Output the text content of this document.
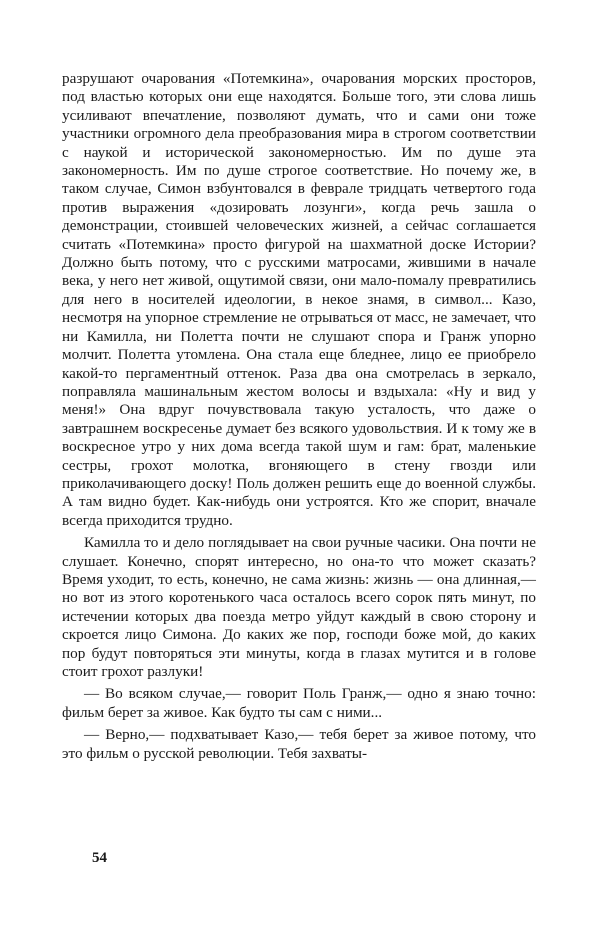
разрушают очарования «Потемкина», очарования морских просторов, под властью которых они еще находятся. Больше того, эти слова лишь усиливают впечатление, позволяют думать, что и сами они тоже участники огромного дела преобразования мира в строгом соответствии с наукой и исторической закономерностью. Им по душе эта закономерность. Им по душе строгое соответствие. Но почему же, в таком случае, Симон взбунтовался в феврале тридцать четвертого года против выражения «дозировать лозунги», когда речь зашла о демонстрации, стоившей человеческих жизней, а сейчас соглашается считать «Потемкина» просто фигурой на шахматной доске Истории? Должно быть потому, что с русскими матросами, жившими в начале века, у него нет живой, ощутимой связи, они мало-помалу превратились для него в носителей идеологии, в некое знамя, в символ... Казо, несмотря на упорное стремление не отрываться от масс, не замечает, что ни Камилла, ни Полетта почти не слушают спора и Гранж упорно молчит. Полетта утомлена. Она стала еще бледнее, лицо ее приобрело какой-то пергаментный оттенок. Раза два она смотрелась в зеркало, поправляла машинальным жестом волосы и вздыхала: «Ну и вид у меня!» Она вдруг почувствовала такую усталость, что даже о завтрашнем воскресенье думает без всякого удовольствия. И к тому же в воскресное утро у них дома всегда такой шум и гам: брат, маленькие сестры, грохот молотка, вгоняющего в стену гвозди или приколачивающего доску! Поль должен решить еще до военной службы. А там видно будет. Как-нибудь они устроятся. Кто же спорит, вначале всегда приходится трудно.

Камилла то и дело поглядывает на свои ручные часики. Она почти не слушает. Конечно, спорят интересно, но она-то что может сказать? Время уходит, то есть, конечно, не сама жизнь: жизнь — она длинная,— но вот из этого коротенького часа осталось всего сорок пять минут, по истечении которых два поезда метро уйдут каждый в свою сторону и скроется лицо Симона. До каких же пор, господи боже мой, до каких пор будут повторяться эти минуты, когда в глазах мутится и в голове стоит грохот разлуки!

— Во всяком случае,— говорит Поль Гранж,— одно я знаю точно: фильм берет за живое. Как будто ты сам с ними...

— Верно,— подхватывает Казо,— тебя берет за живое потому, что это фильм о русской революции. Тебя захваты-

54
